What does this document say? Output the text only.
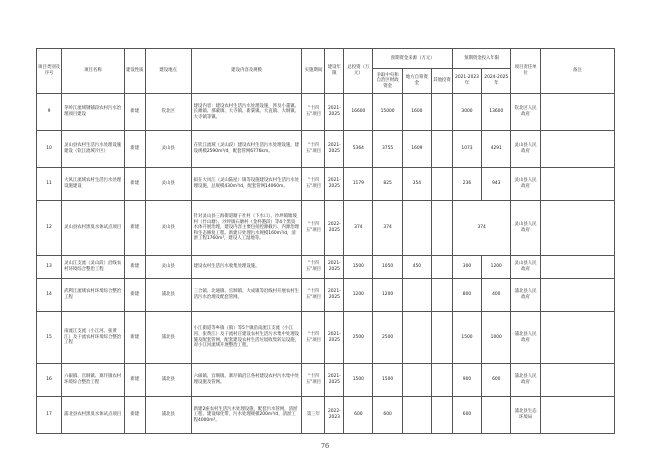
项目类别及序号	项目名称	建设性质	建设地点	建设内容及规模	实施期间	建设年限	总投资（万元）	预期资金来源（万元）			预期资金投入年限		项目责任单位	备注
								争取中央和自治区财政资金	地方自筹资金	其他投资	2021-2023年	2024-2025年		
9	茅岭江流域钢铺段农村污水治理项目建设	新建	钦北区	建设内容：建设农村生活污水处理设施，涉及小董镇、长滩镇、那蒙镇、大寺镇、新棠镇、大直镇、大垌镇、大寺镇等镇。	"十四五"项目	2021-2025	16600	15000	1600		3000	13600	钦北区人民政府	
10	灵山县农村生活污水处理设施建设（钦江流域片区）	新建	灵山县	在钦江流域（灵山段）建设农村生活污水处理设施，建设规模2590m³/d，配套管网6776km。	"十四五"项目	2021-2025	5364	3755	1609		1073	4291	灵山县人民政府	
11	大风江流域农村生活污水处理设施建设	新建	灵山县	拟在大风江（灵山陆屋）镇等设施建设农村生活污水处理设施，总规模430m³/d，配套管网14060m。	"十四五"项目	2021-2025	1179	825	354		236	943	灵山县人民政府	
12	灵山县农村黑臭水体试点项目	新建	灵山县	针对灵山县三海街道塘子社村（下水口）、沙坪镇塘坡村（竹山塘）、沙坪镇石塘村（金杯港段）等4个黑臭水体开展治理，建设内容主要包括控源截污、内源治理和生态修复工程。新建日处理污水规模160m³/d，清淤工程1760m³，建设人工湿地等。	"十四五"项目	2022-2025	374	374			374		灵山县人民政府	
13	灵山江支流（灵山段）沿线农村环境综合整治工程	新建	灵山县	建设农村生活污水收集处理设施。	"十四五"项目	2021-2025	1500	1050	450		300	1200	灵山县人民政府	
14	武利江流域农村环境综合整治工程	新建	浦北县	三合镇、北通镇、官垌镇、大成镇等沿线村开展农村生活污水治理及配套管网。	"十四五"项目	2021-2025	1200	1200			800	400	浦北县人民政府	
15	南流江支流（小江河、张黄江）及干流农村环境综合整治工程	新建	浦北县	小江街道等乡镇（镇）等5个镇沿南流江支流（小江河、张黄江）及干流村庄建设农村生活污水集中处理设施及配套管网，配套建设农村生活垃圾收集转运设施，对小江河流域开展整治工程。	"十四五"项目	2021-2025	2500	2500			1500	1000	浦北县人民政府	
16	六硍镇、官垌镇、寨圩镇农村环境综合整治工程	新建	浦北县	六硍镇、官垌镇、寨圩镇沿江各村建设农村污水集中处理设施及管网。	"十四五"项目	2021-2025	1500	1500			900	600	浦北县人民政府	
17	浦北县农村黑臭水体试点项目	新建	浦北县	新建2座农村生活污水处理设施，配套污水管网，清淤工程，建设绿化带，污水处理规模200m³/d，清淤工程4000m³。	第三年	2022-2023	600	600			600		浦北县生态环境局	
76
